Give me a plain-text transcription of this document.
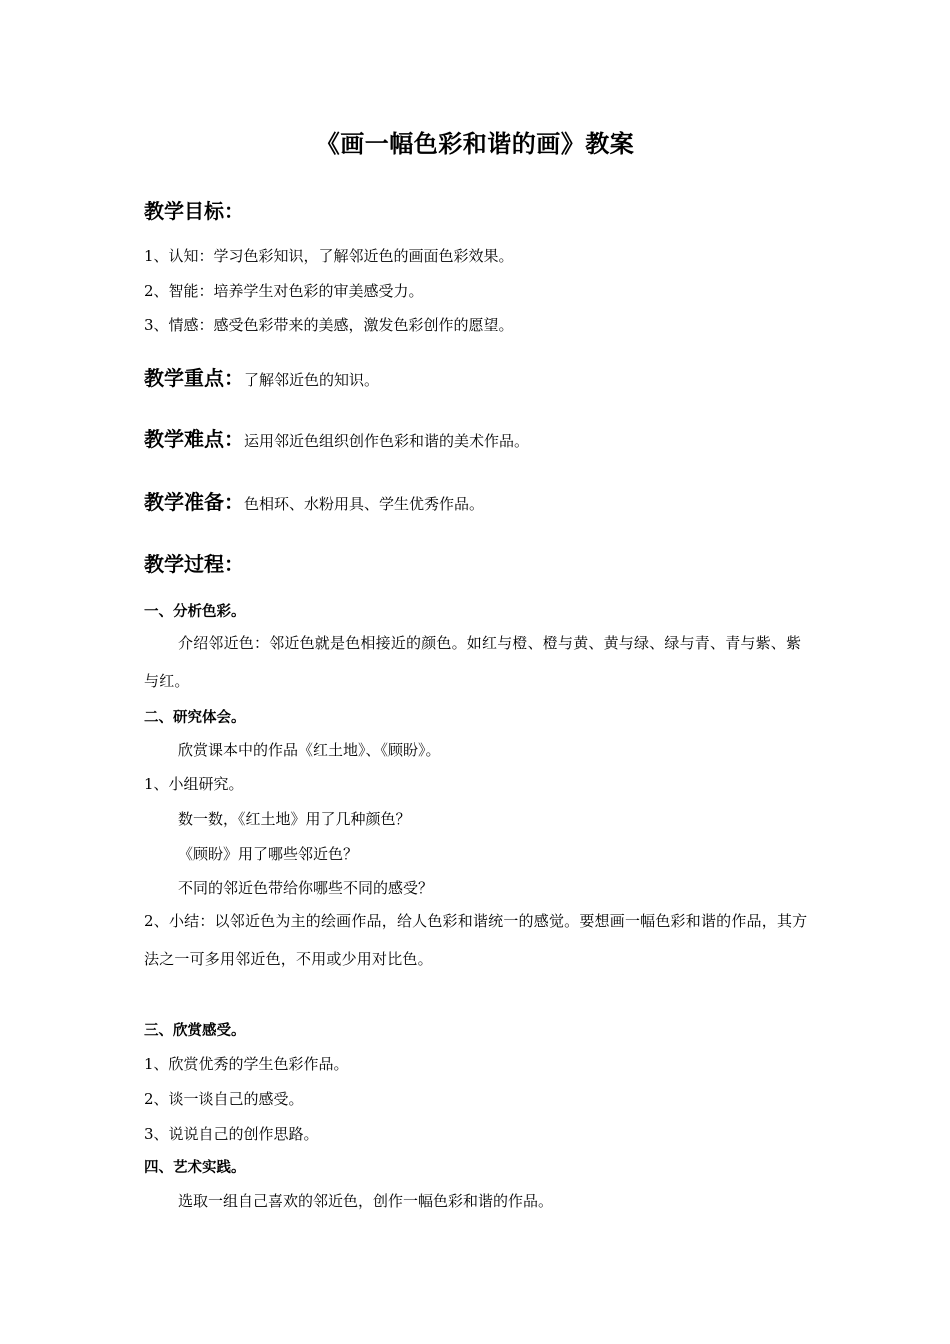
《画一幅色彩和谐的画》教案
教学目标：
1、认知：学习色彩知识，了解邻近色的画面色彩效果。
2、智能：培养学生对色彩的审美感受力。
3、情感：感受色彩带来的美感，激发色彩创作的愿望。
教学重点：了解邻近色的知识。
教学难点：运用邻近色组织创作色彩和谐的美术作品。
教学准备：色相环、水粉用具、学生优秀作品。
教学过程：
一、分析色彩。
介绍邻近色：邻近色就是色相接近的颜色。如红与橙、橙与黄、黄与绿、绿与青、青与紫、紫与红。
二、研究体会。
欣赏课本中的作品《红土地》、《顾盼》。
1、小组研究。
数一数，《红土地》用了几种颜色？
《顾盼》用了哪些邻近色？
不同的邻近色带给你哪些不同的感受？
2、小结：以邻近色为主的绘画作品，给人色彩和谐统一的感觉。要想画一幅色彩和谐的作品，其方法之一可多用邻近色，不用或少用对比色。
三、欣赏感受。
1、欣赏优秀的学生色彩作品。
2、谈一谈自己的感受。
3、说说自己的创作思路。
四、艺术实践。
选取一组自己喜欢的邻近色，创作一幅色彩和谐的作品。
